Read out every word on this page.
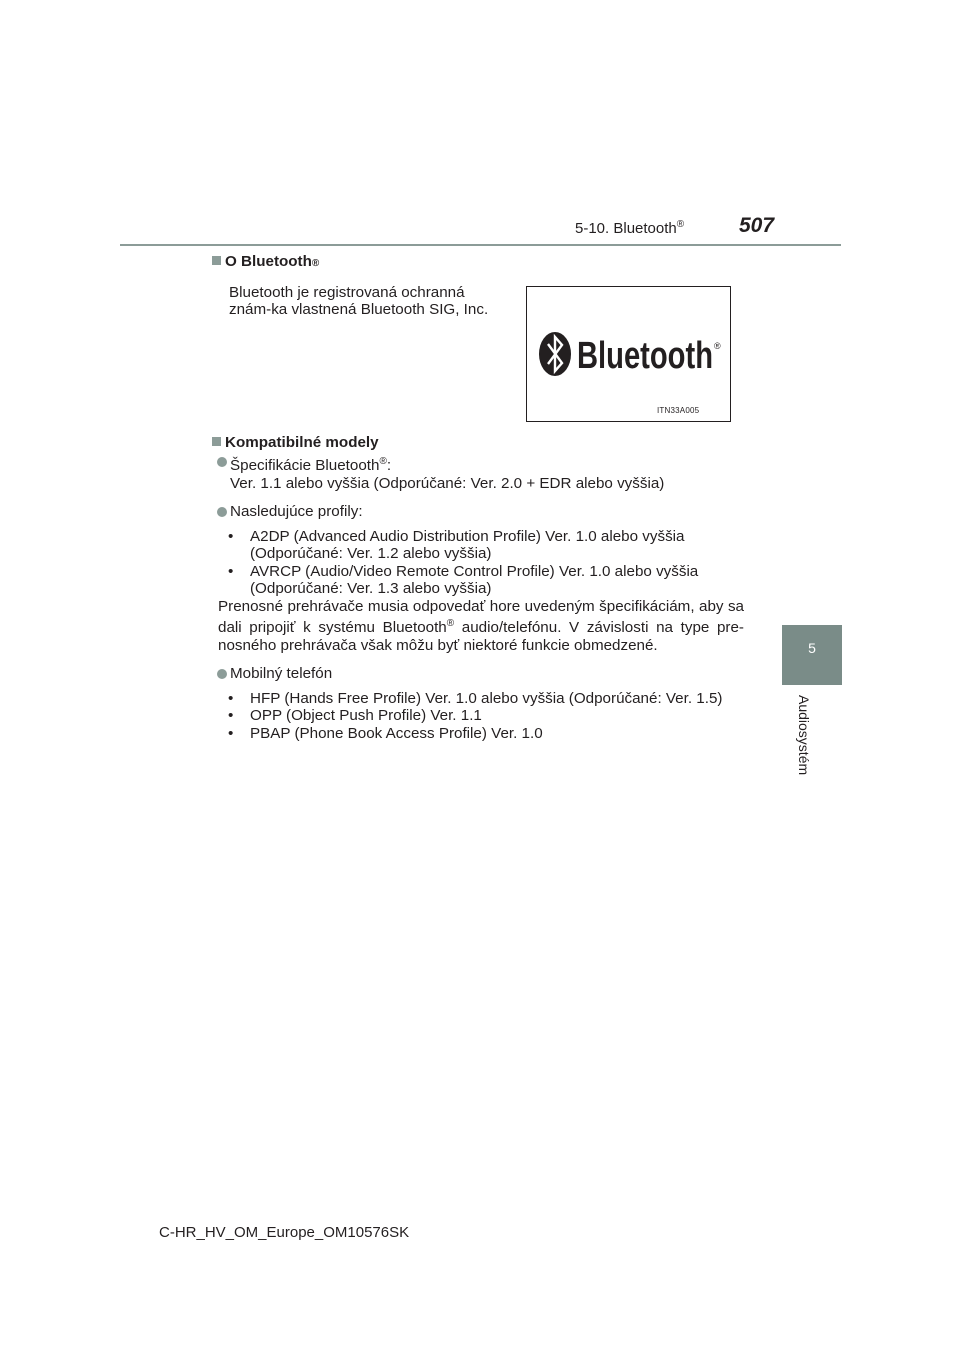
5-10. Bluetooth®	507
5
Audiosystém
O Bluetooth ®
Bluetooth je registrovaná ochranná znám-ka vlastnená Bluetooth SIG, Inc.
Kompatibilné modely
Špecifikácie Bluetooth®:
Ver. 1.1 alebo vyššia (Odporúčané: Ver. 2.0 + EDR alebo vyššia)
Nasledujúce profily:
•	A2DP (Advanced Audio Distribution Profile) Ver. 1.0 alebo vyššia
(Odporúčané: Ver. 1.2 alebo vyššia)
•	AVRCP (Audio/Video Remote Control Profile) Ver. 1.0 alebo vyššia
(Odporúčané: Ver. 1.3 alebo vyššia)
Prenosné prehrávače musia odpovedať hore uvedeným špecifikáciám, aby sa dali pripojiť k systému Bluetooth® audio/telefónu. V závislosti na type pre-nosného prehrávača však môžu byť niektoré funkcie obmedzené.
Mobilný telefón
•	HFP (Hands Free Profile) Ver. 1.0 alebo vyššia (Odporúčané: Ver. 1.5)
•	OPP (Object Push Profile) Ver. 1.1
•	PBAP (Phone Book Access Profile) Ver. 1.0
Bluetooth ®
ITN33A005
C-HR_HV_OM_Europe_OM10576SK
